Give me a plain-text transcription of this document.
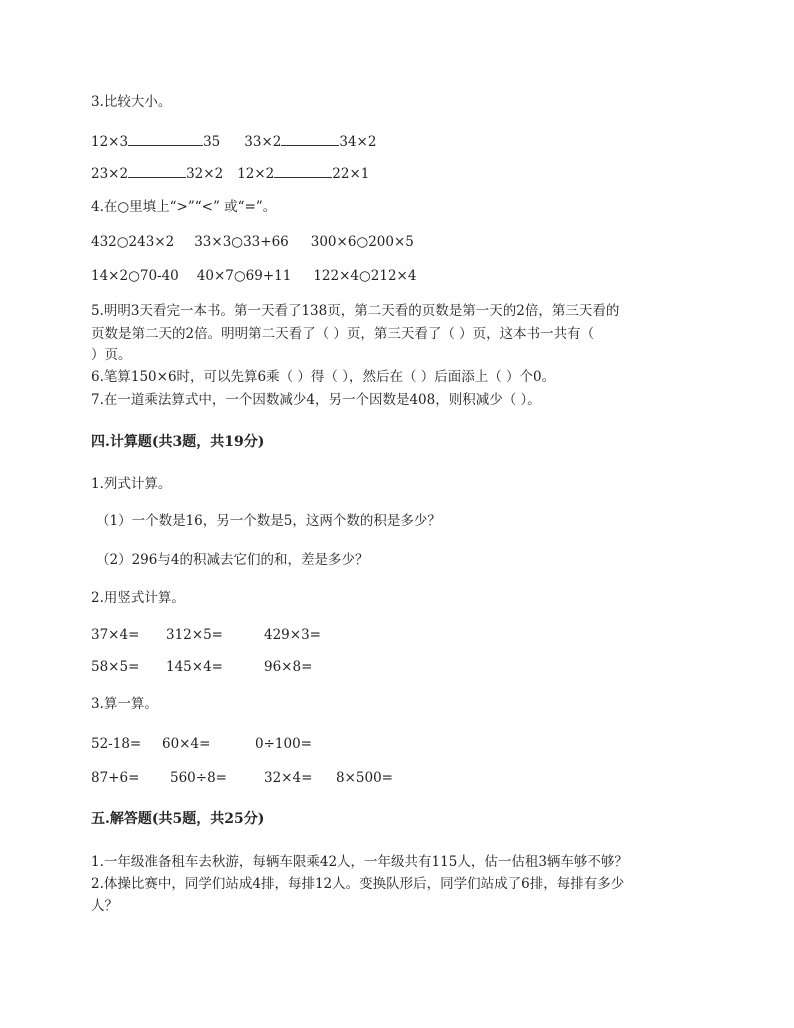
3.比较大小。
12×3	35 33×2	34×2
23×2	32×2 12×2	22×1
4.在○里填上“>”“<” 或“=”。
432○243×2 33×3○33+66 300×6○200×5
14×2○70-40 40×7○69+11 122×4○212×4
5.明明3天看完一本书。第一天看了138页，第二天看的页数是第一天的2倍，第三天看的
页数是第二天的2倍。明明第二天看了（ ）页，第三天看了（ ）页，这本书一共有（
）页。
6.笔算150×6时，可以先算6乘（ ）得（ ），然后在（ ）后面添上（ ）个0。
7.在一道乘法算式中，一个因数减少4，另一个因数是408，则积减少（ ）。
四.计算题(共3题，共19分)
1.列式计算。
（1）一个数是16，另一个数是5，这两个数的积是多少？
（2）296与4的积减去它们的和，差是多少？
2.用竖式计算。
37×4= 312×5=	429×3=
58×5= 145×4=	96×8=
3.算一算。
52-18= 60×4=	0÷100=
87+6= 560÷8=	32×4= 8×500=
五.解答题(共5题，共25分)
1.一年级准备租车去秋游，每辆车限乘42人，一年级共有115人，估一估租3辆车够不够？
2.体操比赛中，同学们站成4排，每排12人。变换队形后，同学们站成了6排，每排有多少
人？
